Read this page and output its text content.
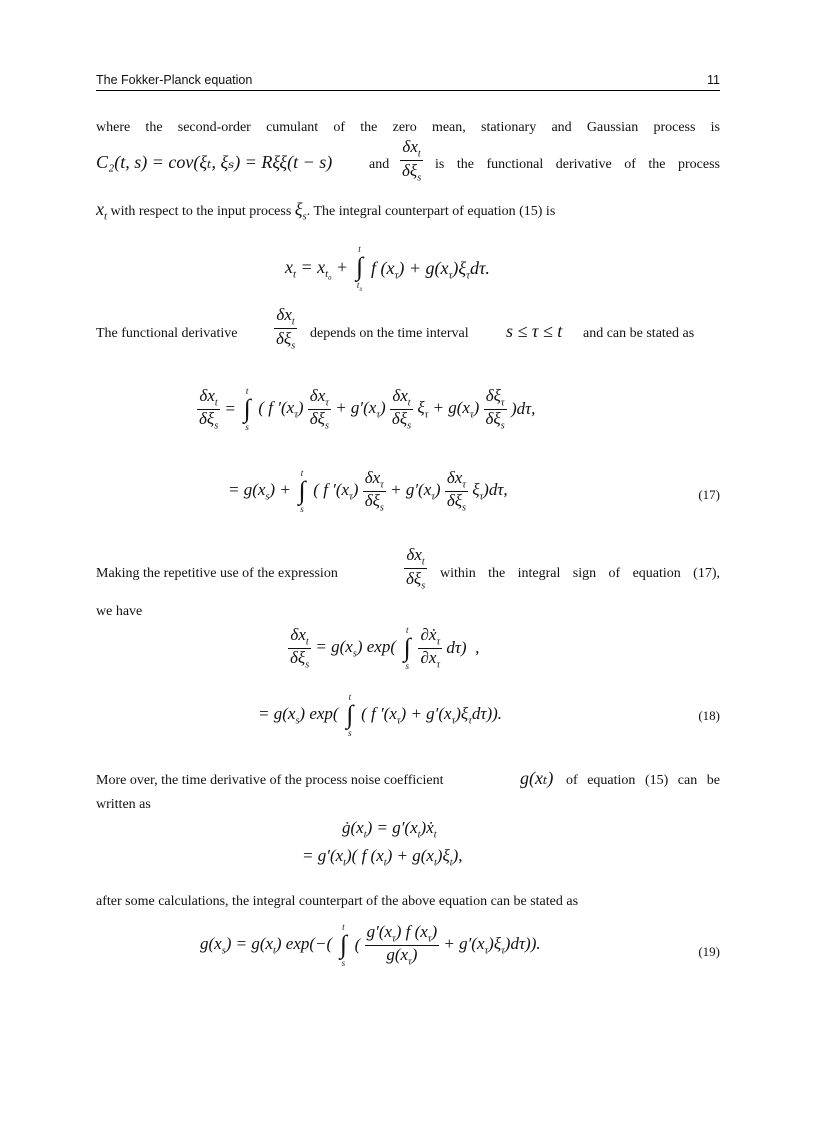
The Fokker-Planck equation	11
where the second-order cumulant of the zero mean, stationary and Gaussian process is
C₂(t, s) = cov(ξₜ, ξₛ) = Rξξ(t − s)	and
$\delta x_t$
$\delta\xi_s$
is the functional derivative of the process
$x_t$ with respect to the input process $\xi_s$. The integral counterpart of equation (15) is
$x_t = x_{t_0}$ +
t
∫
$t_0$
f $(x_\tau) + g(x_\tau)\xi_\tau d\tau$.
The functional derivative
$\delta x_t$
$\delta\xi_s$
depends on the time interval s ≤ τ ≤ t and can be stated as
$\frac{\delta x_t}{\delta\xi_s}$ =
t
∫
s
( f $'(x_\tau) \frac{\delta x_\tau}{\delta\xi_s} + g'(x_\tau) \frac{\delta x_t}{\delta\xi_s} \xi_\tau + g(x_\tau) \frac{\delta\xi_\tau}{\delta\xi_s} )d\tau$,
= $g(x_s)$ +
t
∫
s
( f $'(x_\tau) \frac{\delta x_\tau}{\delta\xi_s} + g'(x_\tau) \frac{\delta x_\tau}{\delta\xi_s} \xi_\tau)d\tau$,	(17)
Making the repetitive use of the expression
$\delta x_t$
$\delta\xi_s$
within the integral sign of equation (17),
we have
$\frac{\delta x_t}{\delta\xi_s} = g(x_s)$ exp(
t
∫
s
$\frac{\partial ẋ_\tau}{\partial x_\tau} d\tau$)  ,
= $g(x_s)$ exp(
t
∫
s
( f $'(x_\tau) + g'(x_\tau)\xi_\tau d\tau$)).	(18)
More over, the time derivative of the process noise coefficient	g(xₜ) of equation (15) can be
written as
$ġ(x_t)$ = $g'(x_t)ẋ_t$
= $g'(x_t)$( f $(x_t) + g(x_t)\xi_t$),
after some calculations, the integral counterpart of the above equation can be stated as
$g(x_s) = g(x_t)$ exp(−(
t
∫
s
( $\frac{g'(x_\tau) f (x_\tau)}{g(x_\tau)} + g'(x_\tau)\xi_\tau)d\tau$)).	(19)
